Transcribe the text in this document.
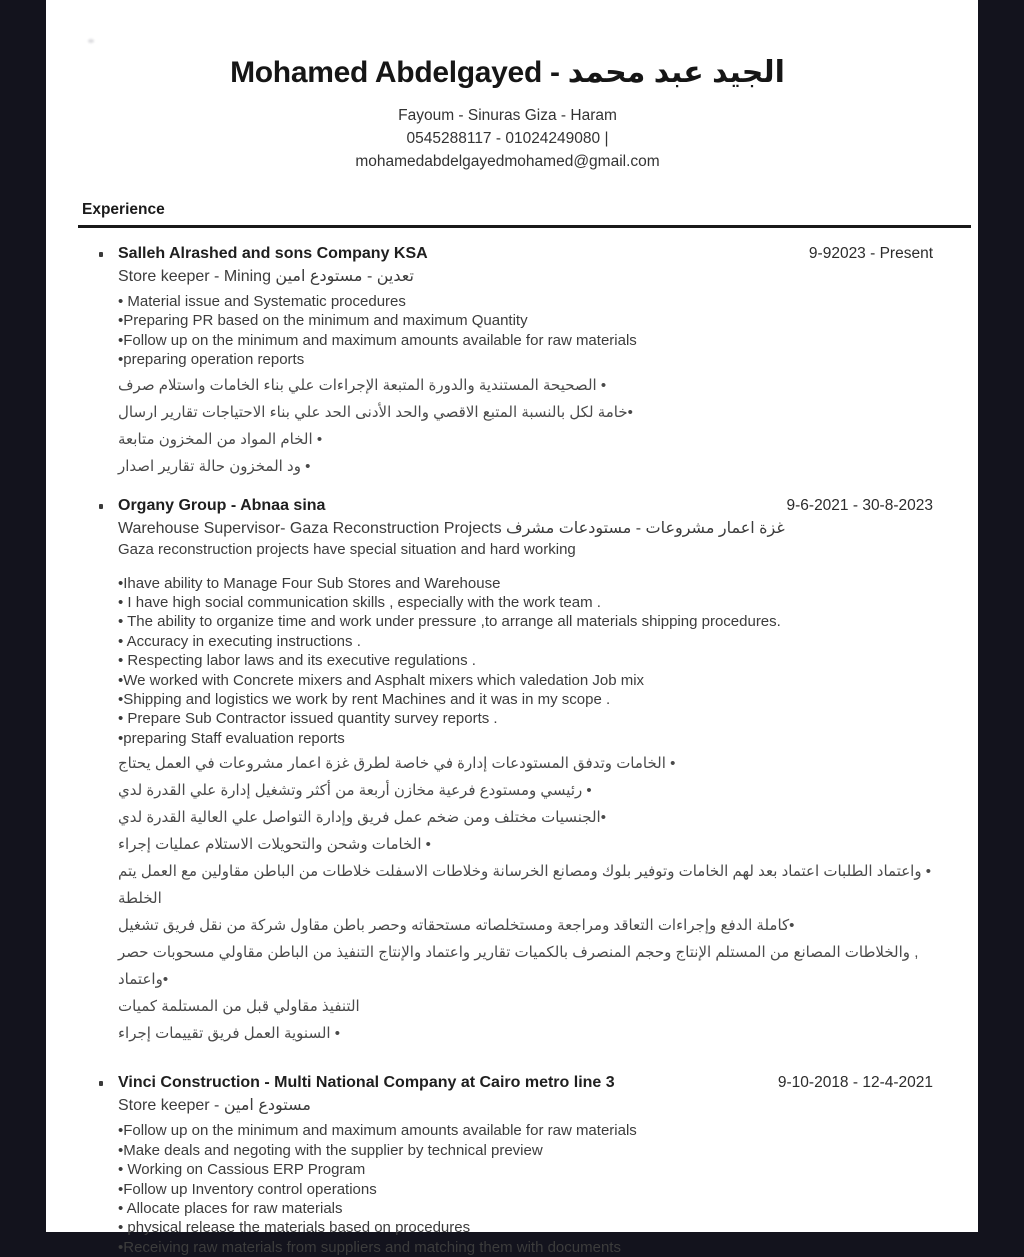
Mohamed Abdelgayed - محمد‎ عبد‎ الجيد
Fayoum - Sinuras Giza - Haram
0545288117 - 01024249080 |
mohamedabdelgayedmohamed@gmail.com
Experience
Salleh Alrashed and sons Company KSA	9-92023 - Present
Store keeper - Mining امين‎ مستودع‎ -‎ تعدين
• Material issue and Systematic procedures
•Preparing PR based on the minimum and maximum Quantity
•Follow up on the minimum and maximum amounts available for raw materials
•preparing operation reports
صرف‎ واستلام‎ الخامات‎ بناء‎ علي‎ الإجراءات‎ المتبعة‎ والدورة‎ المستندية‎ الصحيحة‎ •
ارسال‎ تقارير‎ الاحتياجات‎ بناء‎ علي‎ الحد‎ الأدنى‎ والحد‎ الاقصي‎ المتبع‎ بالنسبة‎ لكل‎ خامة‎•
متابعة‎ المخزون‎ من‎ المواد‎ الخام‎ •
اصدار‎ تقارير‎ حالة‎ المخزون‎ ود‎ •
Organy Group - Abnaa sina	9-6-2021 - 30-8-2023
Warehouse Supervisor- Gaza Reconstruction Projects مشرف‎ مستودعات‎ -‎ مشروعات‎ اعمار‎ غزة
Gaza reconstruction projects have special situation and hard working
•Ihave ability to Manage Four Sub Stores and Warehouse
• I have high social communication skills , especially with the work team .
• The ability to organize time and work under pressure ,to arrange all materials shipping procedures.
• Accuracy in executing instructions .
• Respecting labor laws and its executive regulations .
•We worked with Concrete mixers and Asphalt mixers which valedation Job mix
•Shipping and logistics we work by rent Machines and it was in my scope .
• Prepare Sub Contractor issued quantity survey reports .
•preparing Staff evaluation reports
يحتاج‎ العمل‎ في‎ مشروعات‎ اعمار‎ غزة‎ لطرق‎ خاصة‎ في‎ إدارة‎ المستودعات‎ وتدفق‎ الخامات‎ •
لدي‎ القدرة‎ علي‎ إدارة‎ وتشغيل‎ أكثر‎ من‎ أربعة‎ مخازن‎ فرعية‎ ومستودع‎ رئيسي‎ •
لدي‎ القدرة‎ العالية‎ علي‎ التواصل‎ وإدارة‎ فريق‎ عمل‎ ضخم‎ ومن‎ مختلف‎ الجنسيات‎•
إجراء‎ عمليات‎ الاستلام‎ والتحويلات‎ وشحن‎ الخامات‎ •
يتم‎ العمل‎ مع‎ مقاولين‎ الباطن‎ من‎ خلاطات‎ الاسفلت‎ وخلاطات‎ الخرسانة‎ ومصانع‎ بلوك‎ وتوفير‎ الخامات‎ لهم‎ بعد‎ اعتماد‎ الطلبات‎ واعتماد‎ •
الخلطة
تشغيل‎ فريق‎ نقل‎ من‎ شركة‎ مقاول‎ باطن‎ وحصر‎ مستحقاته‎ ومستخلصاته‎ ومراجعة‎ التعاقد‎ وإجراءات‎ الدفع‎ كاملة‎•
حصر‎ مسحوبات‎ مقاولي‎ الباطن‎ من‎ التنفيذ‎ والإنتاج‎ واعتماد‎ تقارير‎ بالكميات‎ المنصرف‎ وحجم‎ الإنتاج‎ المستلم‎ من‎ المصانع‎ والخلاطات‎ ,‎ واعتماد‎•
كميات‎ المستلمة‎ من‎ قبل‎ مقاولي‎ التنفيذ
إجراء‎ تقييمات‎ فريق‎ العمل‎ السنوية‎ •
Vinci Construction - Multi National Company at Cairo metro line 3	9-10-2018 - 12-4-2021
Store keeper - امين‎ مستودع
•Follow up on the minimum and maximum amounts available for raw materials
•Make deals and negoting with the supplier by technical preview
• Working on Cassious ERP Program
•Follow up Inventory control operations
• Allocate places for raw materials
• physical release the materials based on procedures
•Receiving raw materials from suppliers and matching them with documents
